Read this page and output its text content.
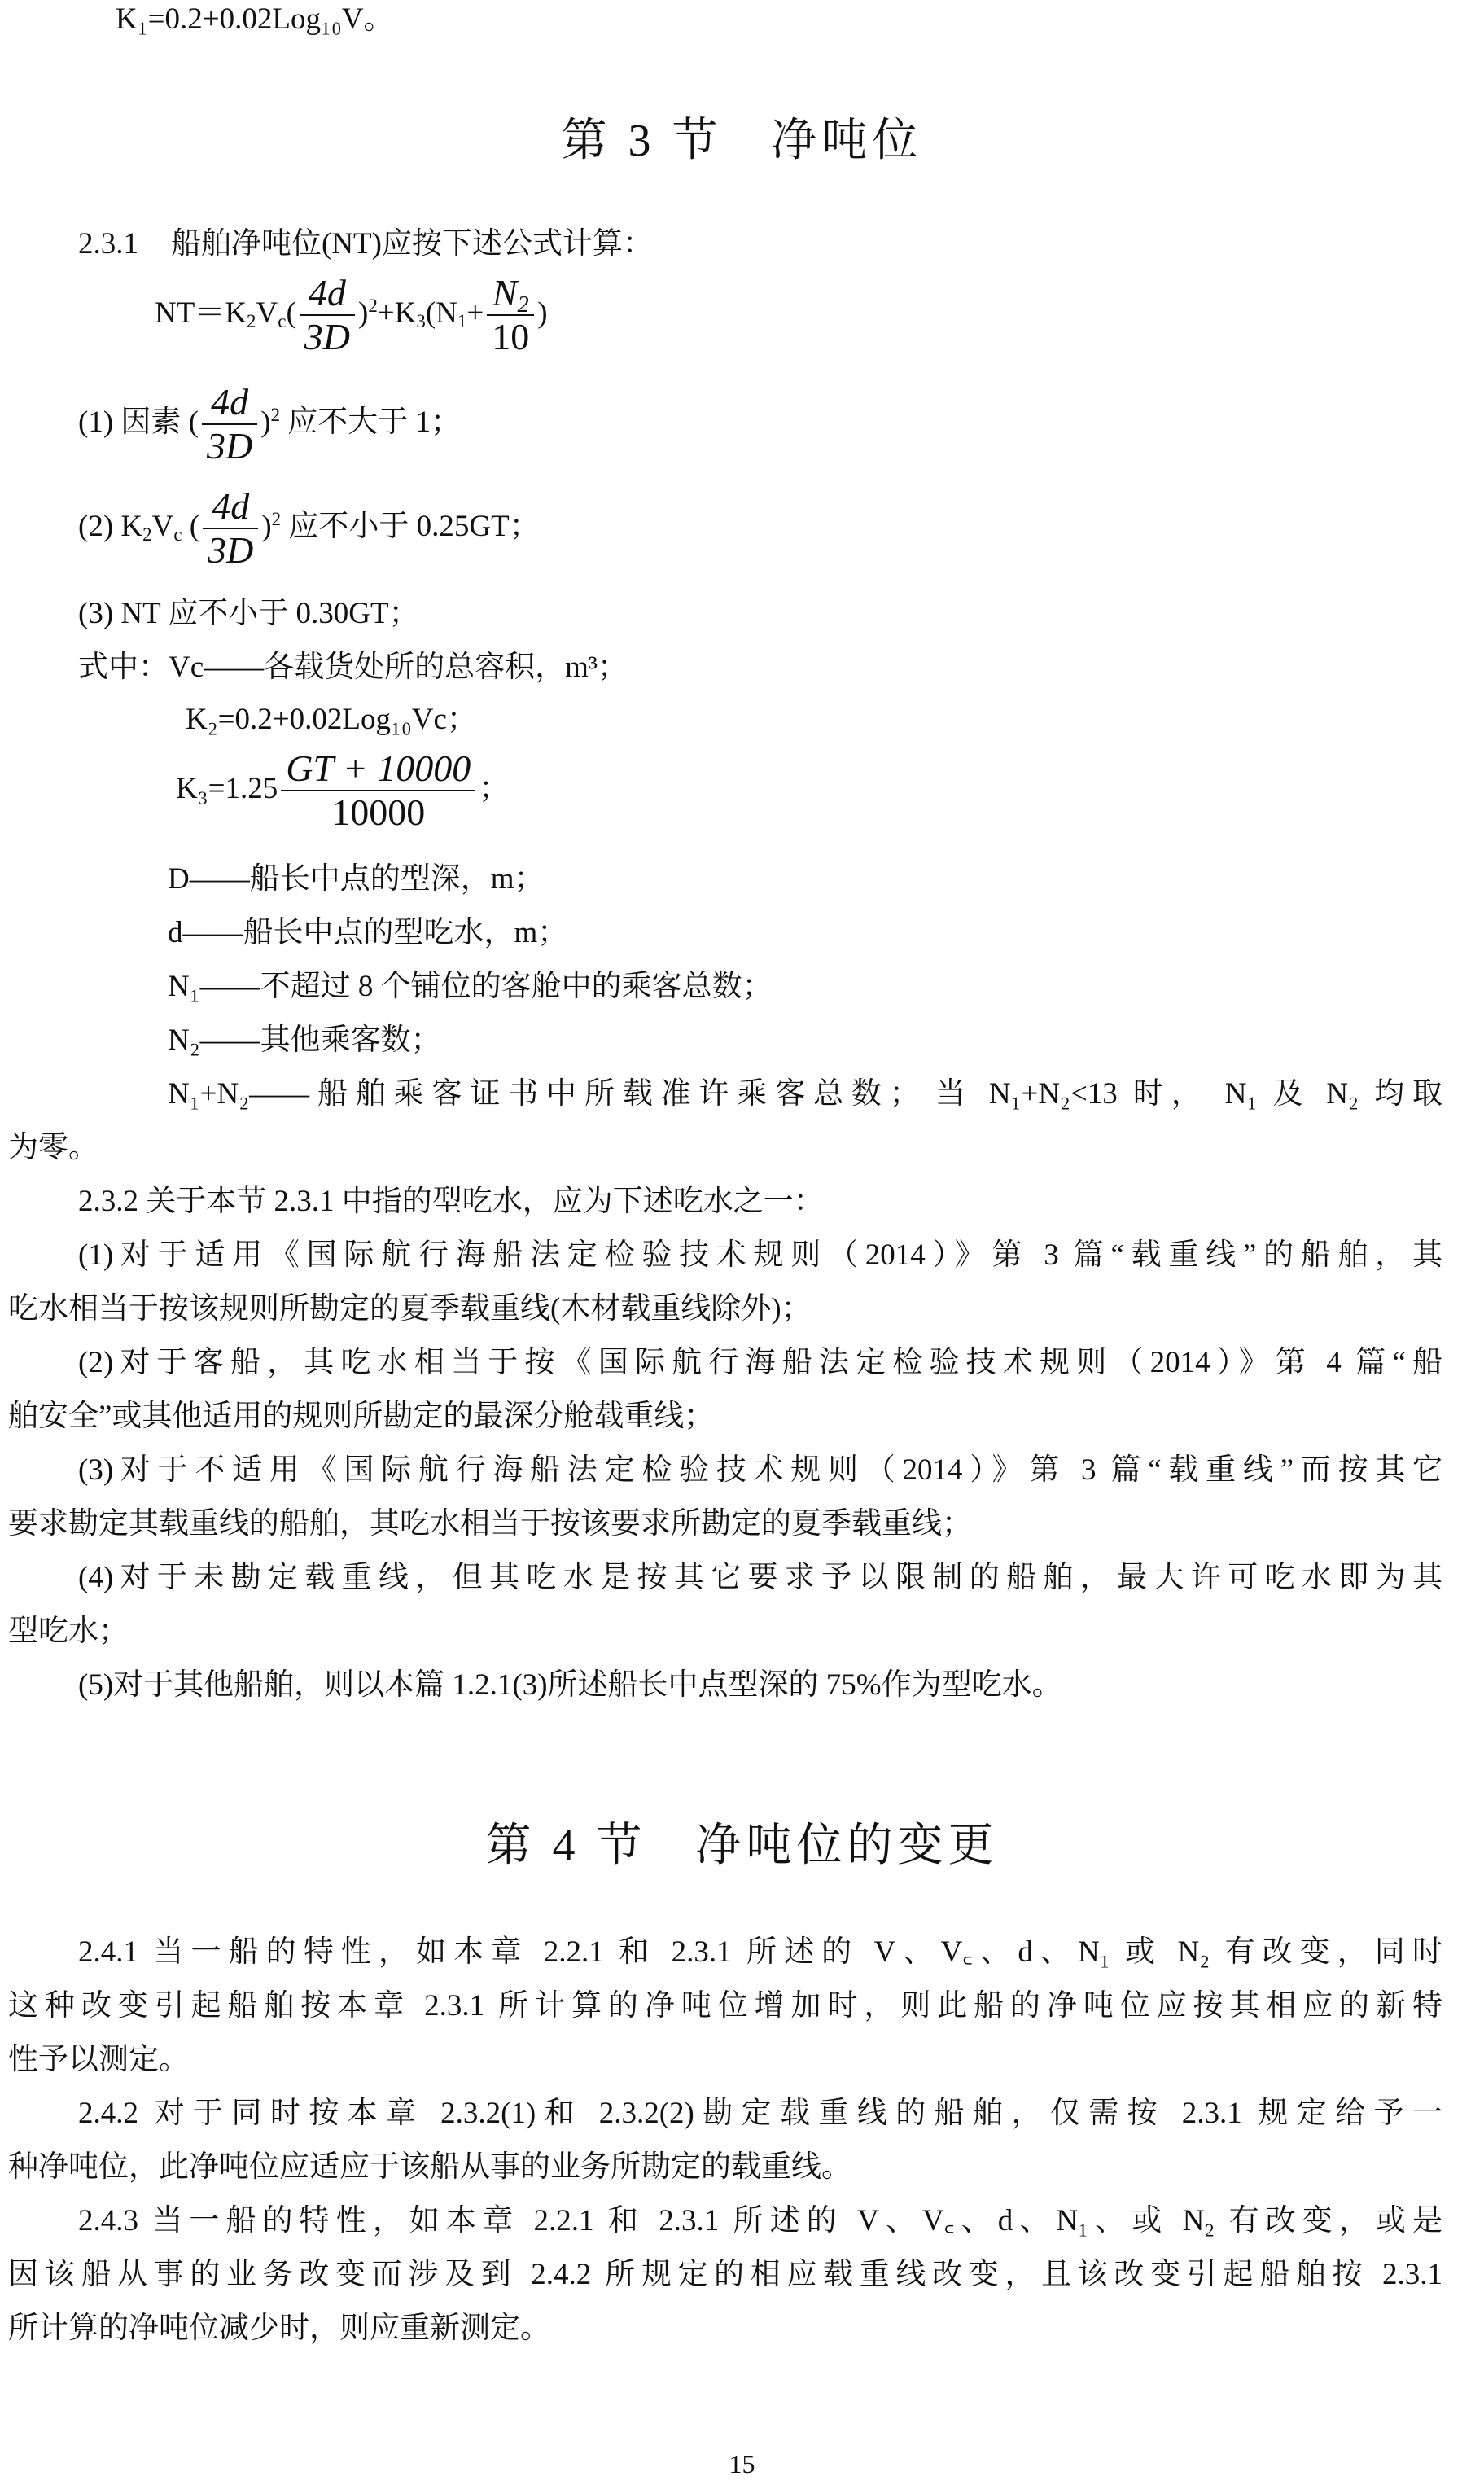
K₁=0.2+0.02Log₁₀V。
第 3 节 净吨位
2.3.1 船舶净吨位(NT)应按下述公式计算：
$NT=K_2V_c( \frac{4d}{3D} )^2+K_3(N_1+ \frac{N_2}{10}$ )
(1) 因素 ( $\frac{4d}{3D} )^2$ 应不大于 1；
(2) $K_2V_c$ ( $\frac{4d}{3D} )^2$ 应不小于 0.25GT；
(3) NT 应不小于 0.30GT；
式中：Vc——各载货处所的总容积，m³；
K₂=0.2+0.02Log₁₀Vc；
$K_3=1.25 \frac{GT + 10000}{10000}$ ；
D——船长中点的型深，m；
d——船长中点的型吃水，m；
N₁——不超过 8 个铺位的客舱中的乘客总数；
N₂——其他乘客数；
N₁+N₂——船舶乘客证书中所载准许乘客总数； 当 N₁+N₂<13 时， N₁ 及 N₂ 均取
为零。
2.3.2 关于本节 2.3.1 中指的型吃水，应为下述吃水之一：
(1)对于适用《国际航行海船法定检验技术规则（2014）》第 3 篇“载重线”的船舶，其
吃水相当于按该规则所勘定的夏季载重线(木材载重线除外)；
(2)对于客船，其吃水相当于按《国际航行海船法定检验技术规则（2014）》第 4 篇“船
舶安全”或其他适用的规则所勘定的最深分舱载重线；
(3)对于不适用《国际航行海船法定检验技术规则（2014）》第 3 篇“载重线”而按其它
要求勘定其载重线的船舶，其吃水相当于按该要求所勘定的夏季载重线；
(4)对于未勘定载重线，但其吃水是按其它要求予以限制的船舶，最大许可吃水即为其
型吃水；
(5)对于其他船舶，则以本篇 1.2.1(3)所述船长中点型深的 75%作为型吃水。
第 4 节 净吨位的变更
2.4.1 当一船的特性，如本章 2.2.1 和 2.3.1 所述的 V、V꜀、d、N₁ 或 N₂ 有改变，同时
这种改变引起船舶按本章 2.3.1 所计算的净吨位增加时，则此船的净吨位应按其相应的新特
性予以测定。
2.4.2 对于同时按本章 2.3.2(1)和 2.3.2(2)勘定载重线的船舶，仅需按 2.3.1 规定给予一
种净吨位，此净吨位应适应于该船从事的业务所勘定的载重线。
2.4.3 当一船的特性，如本章 2.2.1 和 2.3.1 所述的 V、V꜀、d、N₁、或 N₂ 有改变，或是
因该船从事的业务改变而涉及到 2.4.2 所规定的相应载重线改变，且该改变引起船舶按 2.3.1
所计算的净吨位减少时，则应重新测定。
15
